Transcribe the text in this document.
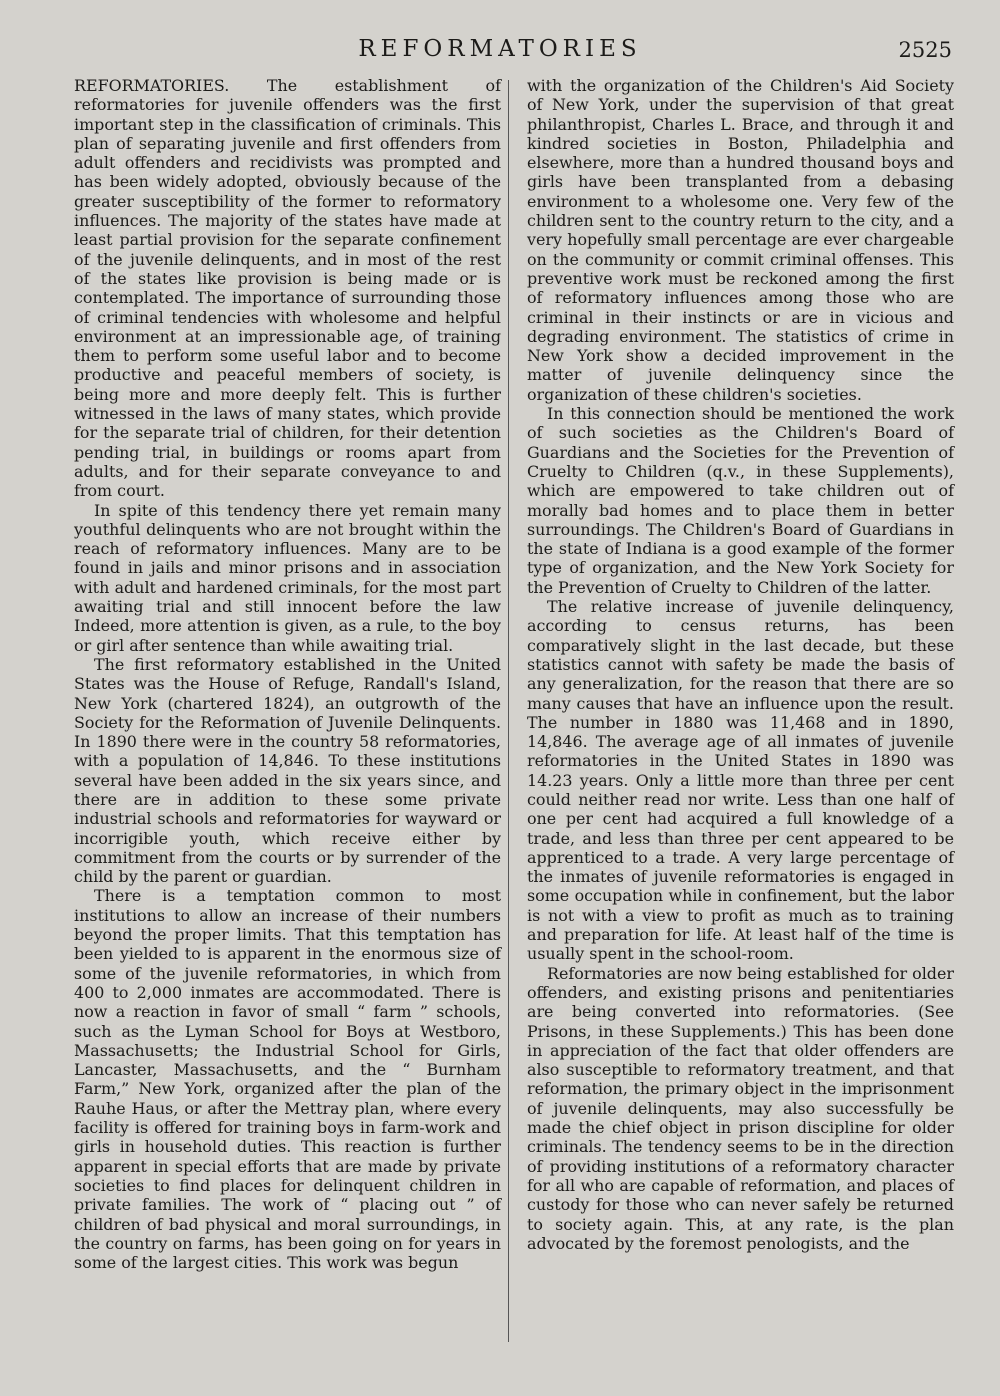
REFORMATORIES	2525

REFORMATORIES. The establishment of reformatories for juvenile offenders was the first important step in the classification of criminals. This plan of separating juvenile and first offenders from adult offenders and recidivists was prompted and has been widely adopted, obviously because of the greater susceptibility of the former to reformatory influences. The majority of the states have made at least partial provision for the separate confinement of the juvenile delinquents, and in most of the rest of the states like provision is being made or is contemplated. The importance of surrounding those of criminal tendencies with wholesome and helpful environment at an impressionable age, of training them to perform some useful labor and to become productive and peaceful members of society, is being more and more deeply felt. This is further witnessed in the laws of many states, which provide for the separate trial of children, for their detention pending trial, in buildings or rooms apart from adults, and for their separate conveyance to and from court.

In spite of this tendency there yet remain many youthful delinquents who are not brought within the reach of reformatory influences. Many are to be found in jails and minor prisons and in association with adult and hardened criminals, for the most part awaiting trial and still innocent before the law Indeed, more attention is given, as a rule, to the boy or girl after sentence than while awaiting trial.

The first reformatory established in the United States was the House of Refuge, Randall's Island, New York (chartered 1824), an outgrowth of the Society for the Reformation of Juvenile Delinquents. In 1890 there were in the country 58 reformatories, with a population of 14,846. To these institutions several have been added in the six years since, and there are in addition to these some private industrial schools and reformatories for wayward or incorrigible youth, which receive either by commitment from the courts or by surrender of the child by the parent or guardian.

There is a temptation common to most institutions to allow an increase of their numbers beyond the proper limits. That this temptation has been yielded to is apparent in the enormous size of some of the juvenile reformatories, in which from 400 to 2,000 inmates are accommodated. There is now a reaction in favor of small “ farm ” schools, such as the Lyman School for Boys at Westboro, Massachusetts; the Industrial School for Girls, Lancaster, Massachusetts, and the “ Burnham Farm,” New York, organized after the plan of the Rauhe Haus, or after the Mettray plan, where every facility is offered for training boys in farm-work and girls in household duties. This reaction is further apparent in special efforts that are made by private societies to find places for delinquent children in private families. The work of “ placing out ” of children of bad physical and moral surroundings, in the country on farms, has been going on for years in some of the largest cities. This work was begun

with the organization of the Children's Aid Society of New York, under the supervision of that great philanthropist, Charles L. Brace, and through it and kindred societies in Boston, Philadelphia and elsewhere, more than a hundred thousand boys and girls have been transplanted from a debasing environment to a wholesome one. Very few of the children sent to the country return to the city, and a very hopefully small percentage are ever chargeable on the community or commit criminal offenses. This preventive work must be reckoned among the first of reformatory influences among those who are criminal in their instincts or are in vicious and degrading environment. The statistics of crime in New York show a decided improvement in the matter of juvenile delinquency since the organization of these children's societies.

In this connection should be mentioned the work of such societies as the Children's Board of Guardians and the Societies for the Prevention of Cruelty to Children (q.v., in these Supplements), which are empowered to take children out of morally bad homes and to place them in better surroundings. The Children's Board of Guardians in the state of Indiana is a good example of the former type of organization, and the New York Society for the Prevention of Cruelty to Children of the latter.

The relative increase of juvenile delinquency, according to census returns, has been comparatively slight in the last decade, but these statistics cannot with safety be made the basis of any generalization, for the reason that there are so many causes that have an influence upon the result. The number in 1880 was 11,468 and in 1890, 14,846. The average age of all inmates of juvenile reformatories in the United States in 1890 was 14.23 years. Only a little more than three per cent could neither read nor write. Less than one half of one per cent had acquired a full knowledge of a trade, and less than three per cent appeared to be apprenticed to a trade. A very large percentage of the inmates of juvenile reformatories is engaged in some occupation while in confinement, but the labor is not with a view to profit as much as to training and preparation for life. At least half of the time is usually spent in the school-room.

Reformatories are now being established for older offenders, and existing prisons and penitentiaries are being converted into reformatories. (See Prisons, in these Supplements.) This has been done in appreciation of the fact that older offenders are also susceptible to reformatory treatment, and that reformation, the primary object in the imprisonment of juvenile delinquents, may also successfully be made the chief object in prison discipline for older criminals. The tendency seems to be in the direction of providing institutions of a reformatory character for all who are capable of reformation, and places of custody for those who can never safely be returned to society again. This, at any rate, is the plan advocated by the foremost penologists, and the
